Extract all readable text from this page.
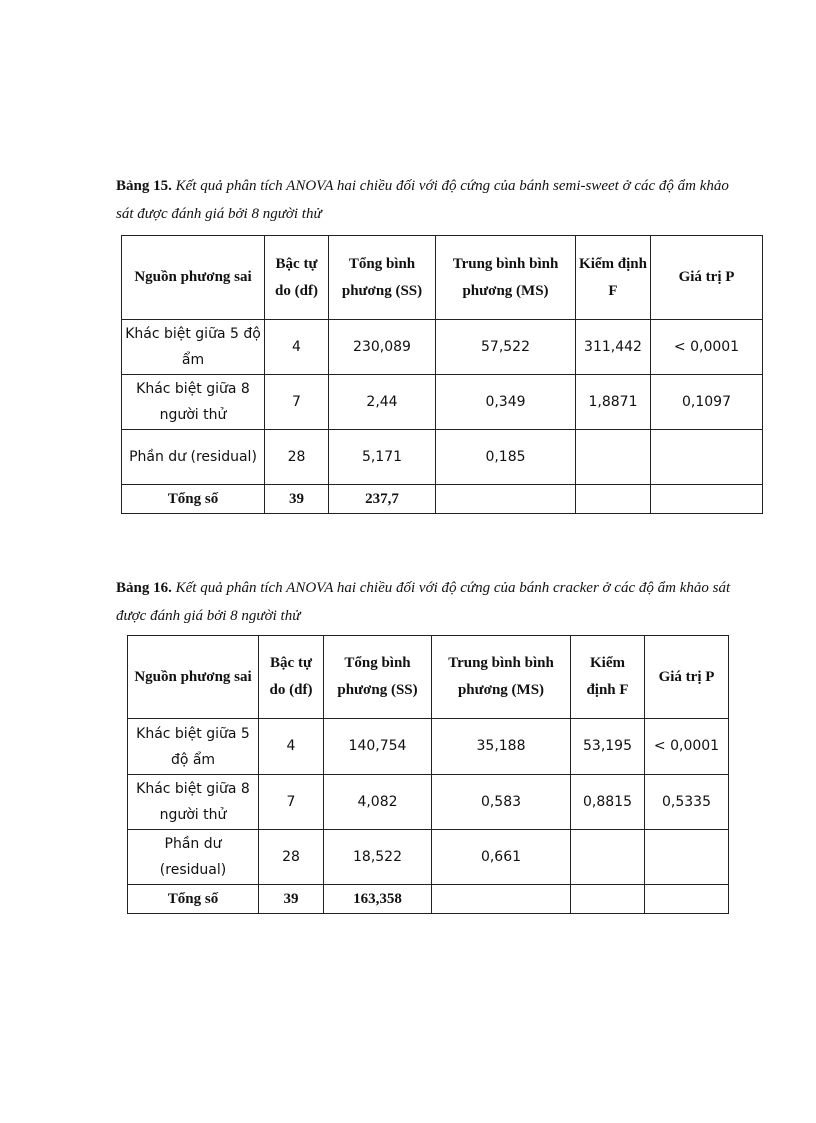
Bảng 15. Kết quả phân tích ANOVA hai chiều đối với độ cứng của bánh semi-sweet ở các độ ẩm khảo sát được đánh giá bởi 8 người thử
Nguồn phương sai	Bậc tự do (df)	Tổng bình phương (SS)	Trung bình bình phương (MS)	Kiểm định F	Giá trị P
Khác biệt giữa 5 độ ẩm	4	230,089	57,522	311,442	< 0,0001
Khác biệt giữa 8 người thử	7	2,44	0,349	1,8871	0,1097
Phần dư (residual)	28	5,171	0,185		
Tổng số	39	237,7			
Bảng 16. Kết quả phân tích ANOVA hai chiều đối với độ cứng của bánh cracker ở các độ ẩm khảo sát được đánh giá bởi 8 người thử
Nguồn phương sai	Bậc tự do (df)	Tổng bình phương (SS)	Trung bình bình phương (MS)	Kiểm định F	Giá trị P
Khác biệt giữa 5 độ ẩm	4	140,754	35,188	53,195	< 0,0001
Khác biệt giữa 8 người thử	7	4,082	0,583	0,8815	0,5335
Phần dư (residual)	28	18,522	0,661		
Tổng số	39	163,358			
